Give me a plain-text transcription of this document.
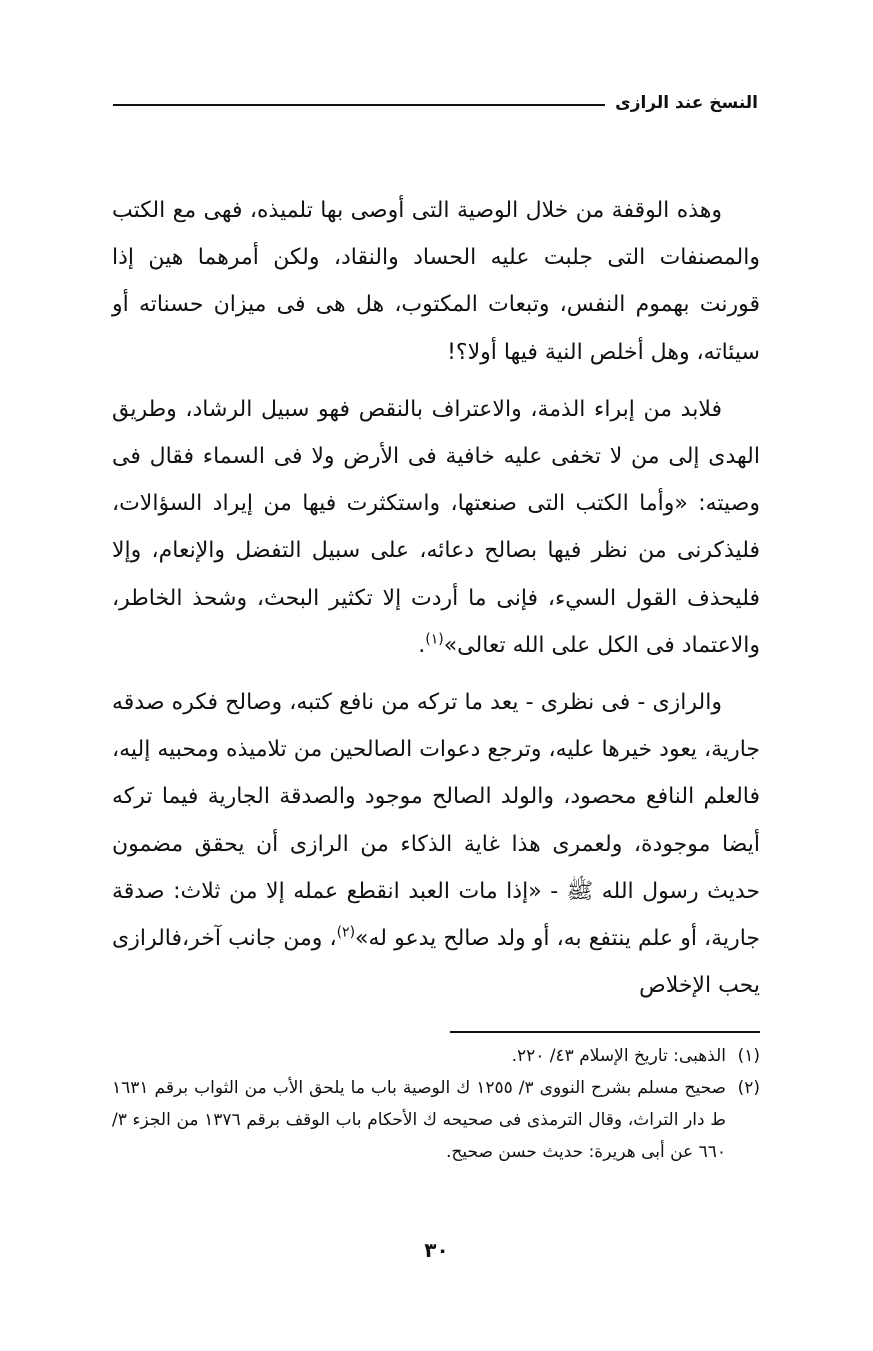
النسخ عند الرازى

وهذه الوقفة من خلال الوصية التى أوصى بها تلميذه، فهى مع الكتب والمصنفات التى جلبت عليه الحساد والنقاد، ولكن أمرهما هين إذا قورنت بهموم النفس، وتبعات المكتوب، هل هى فى ميزان حسناته أو سيئاته، وهل أخلص النية فيها أولا؟!

فلابد من إبراء الذمة، والاعتراف بالنقص فهو سبيل الرشاد، وطريق الهدى إلى من لا تخفى عليه خافية فى الأرض ولا فى السماء فقال فى وصيته: «وأما الكتب التى صنعتها، واستكثرت فيها من إيراد السؤالات، فليذكرنى من نظر فيها بصالح دعائه، على سبيل التفضل والإنعام، وإلا فليحذف القول السيء، فإنى ما أردت إلا تكثير البحث، وشحذ الخاطر، والاعتماد فى الكل على الله تعالى»$^{(١)}$.

والرازى - فى نظرى - يعد ما تركه من نافع كتبه، وصالح فكره صدقه جارية، يعود خيرها عليه، وترجع دعوات الصالحين من تلاميذه ومحبيه إليه، فالعلم النافع محصود، والولد الصالح موجود والصدقة الجارية فيما تركه أيضا موجودة، ولعمرى هذا غاية الذكاء من الرازى أن يحقق مضمون حديث رسول الله ﷺ - «إذا مات العبد انقطع عمله إلا من ثلاث: صدقة جارية، أو علم ينتفع به، أو ولد صالح يدعو له»$^{(٢)}$، ومن جانب آخر،فالرازى يحب الإخلاص

(١)
الذهبى: تاريخ الإسلام ٤٣/ ٢٢٠.
(٢)
صحيح مسلم بشرح النووى ٣/ ١٢٥٥ ك الوصية باب ما يلحق الأب من الثواب برقم ١٦٣١ ط دار التراث، وقال الترمذى فى صحيحه ك الأحكام باب الوقف برقم ١٣٧٦ من الجزء ٣/ ٦٦٠ عن أبى هريرة: حديث حسن صحيح.
٣٠
